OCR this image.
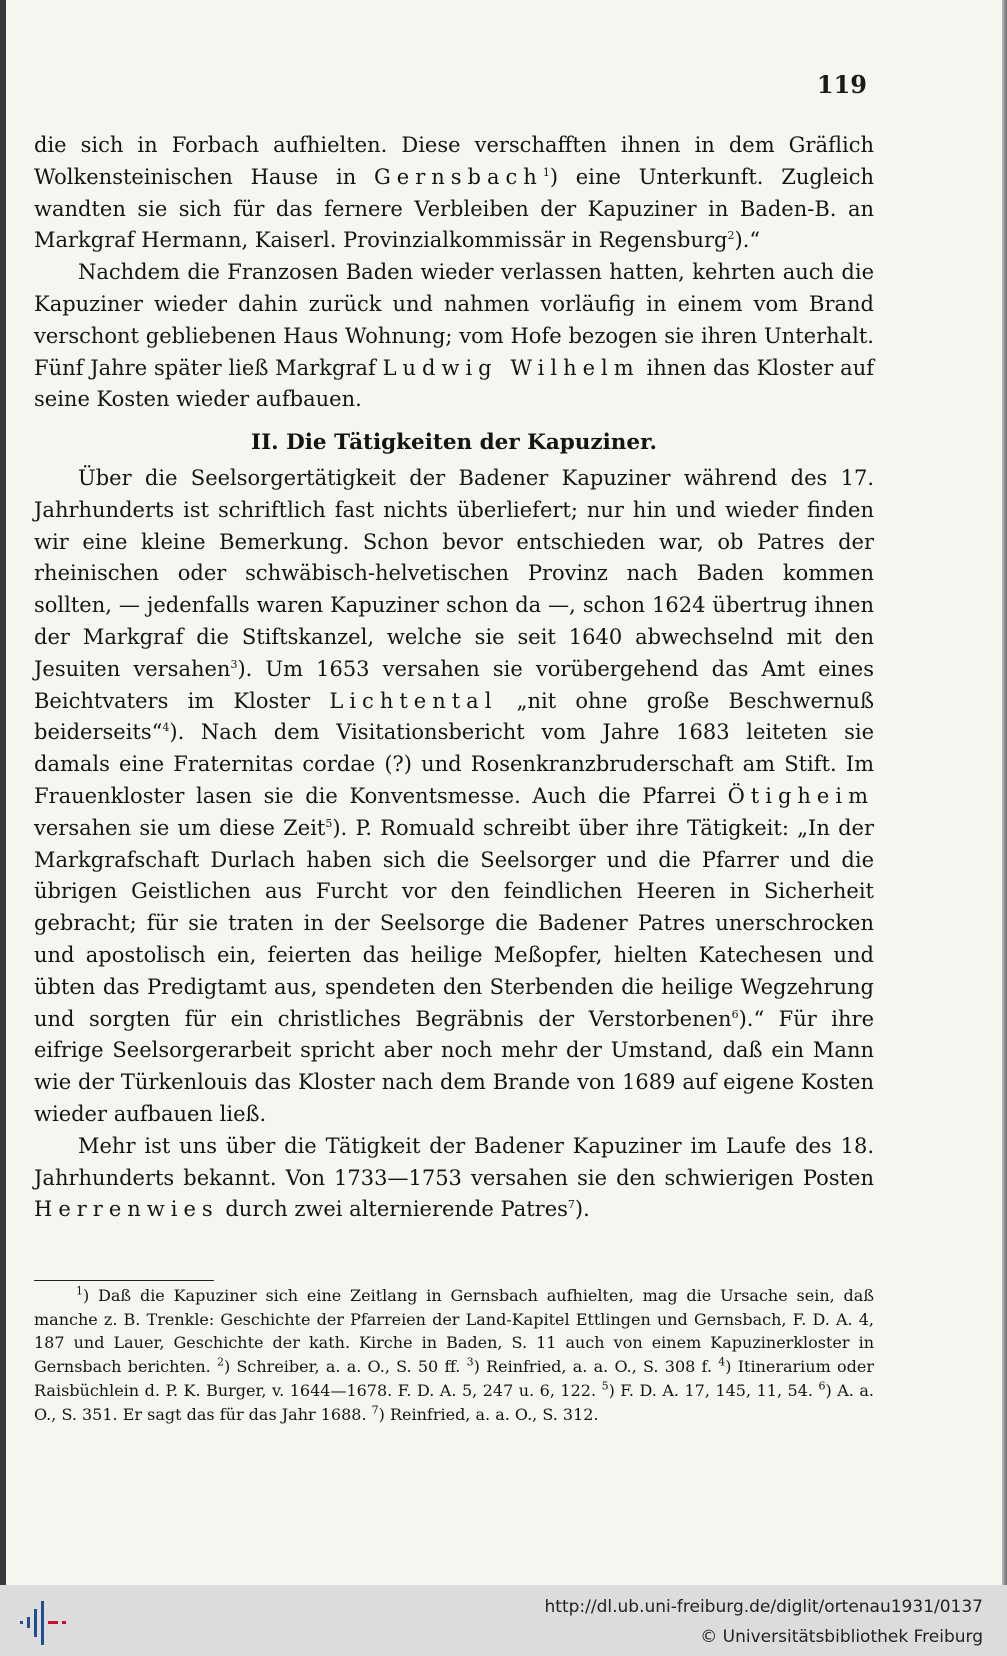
119

die sich in Forbach aufhielten. Diese verschafften ihnen in dem Gräflich Wolkensteinischen Hause in Gernsbach$^1$) eine Unterkunft. Zugleich wandten sie sich für das fernere Verbleiben der Kapuziner in Baden-B. an Markgraf Hermann, Kaiserl. Provinzialkommissär in Regensburg$^2$).“

Nachdem die Franzosen Baden wieder verlassen hatten, kehrten auch die Kapuziner wieder dahin zurück und nahmen vorläufig in einem vom Brand verschont gebliebenen Haus Wohnung; vom Hofe bezogen sie ihren Unterhalt. Fünf Jahre später ließ Markgraf Ludwig Wilhelm ihnen das Kloster auf seine Kosten wieder aufbauen.

II. Die Tätigkeiten der Kapuziner.

Über die Seelsorgertätigkeit der Badener Kapuziner während des 17. Jahrhunderts ist schriftlich fast nichts überliefert; nur hin und wieder finden wir eine kleine Bemerkung. Schon bevor entschieden war, ob Patres der rheinischen oder schwäbisch-helvetischen Provinz nach Baden kommen sollten, — jedenfalls waren Kapuziner schon da —, schon 1624 übertrug ihnen der Markgraf die Stiftskanzel, welche sie seit 1640 abwechselnd mit den Jesuiten versahen$^3$). Um 1653 versahen sie vorübergehend das Amt eines Beichtvaters im Kloster Lichtental „nit ohne große Beschwernuß beiderseits“$^4$). Nach dem Visitationsbericht vom Jahre 1683 leiteten sie damals eine Fraternitas cordae (?) und Rosenkranzbruderschaft am Stift. Im Frauenkloster lasen sie die Konventsmesse. Auch die Pfarrei Ötigheim versahen sie um diese Zeit$^5$). P. Romuald schreibt über ihre Tätigkeit: „In der Markgrafschaft Durlach haben sich die Seelsorger und die Pfarrer und die übrigen Geistlichen aus Furcht vor den feindlichen Heeren in Sicherheit gebracht; für sie traten in der Seelsorge die Badener Patres unerschrocken und apostolisch ein, feierten das heilige Meßopfer, hielten Katechesen und übten das Predigtamt aus, spendeten den Sterbenden die heilige Wegzehrung und sorgten für ein christliches Begräbnis der Verstorbenen$^6$).“ Für ihre eifrige Seelsorgerarbeit spricht aber noch mehr der Umstand, daß ein Mann wie der Türkenlouis das Kloster nach dem Brande von 1689 auf eigene Kosten wieder aufbauen ließ.

Mehr ist uns über die Tätigkeit der Badener Kapuziner im Laufe des 18. Jahrhunderts bekannt. Von 1733—1753 versahen sie den schwierigen Posten Herrenwies durch zwei alternierende Patres$^7$).

$^1$) Daß die Kapuziner sich eine Zeitlang in Gernsbach aufhielten, mag die Ursache sein, daß manche z. B. Trenkle: Geschichte der Pfarreien der Land-Kapitel Ettlingen und Gernsbach, F. D. A. 4, 187 und Lauer, Geschichte der kath. Kirche in Baden, S. 11 auch von einem Kapuzinerkloster in Gernsbach berichten. $^2$) Schreiber, a. a. O., S. 50 ff. $^3$) Reinfried, a. a. O., S. 308 f. $^4$) Itinerarium oder Raisbüchlein d. P. K. Burger, v. 1644—1678. F. D. A. 5, 247 u. 6, 122. $^5$) F. D. A. 17, 145, 11, 54. $^6$) A. a. O., S. 351. Er sagt das für das Jahr 1688. $^7$) Reinfried, a. a. O., S. 312.

http://dl.ub.uni-freiburg.de/diglit/ortenau1931/0137
© Universitätsbibliothek Freiburg
